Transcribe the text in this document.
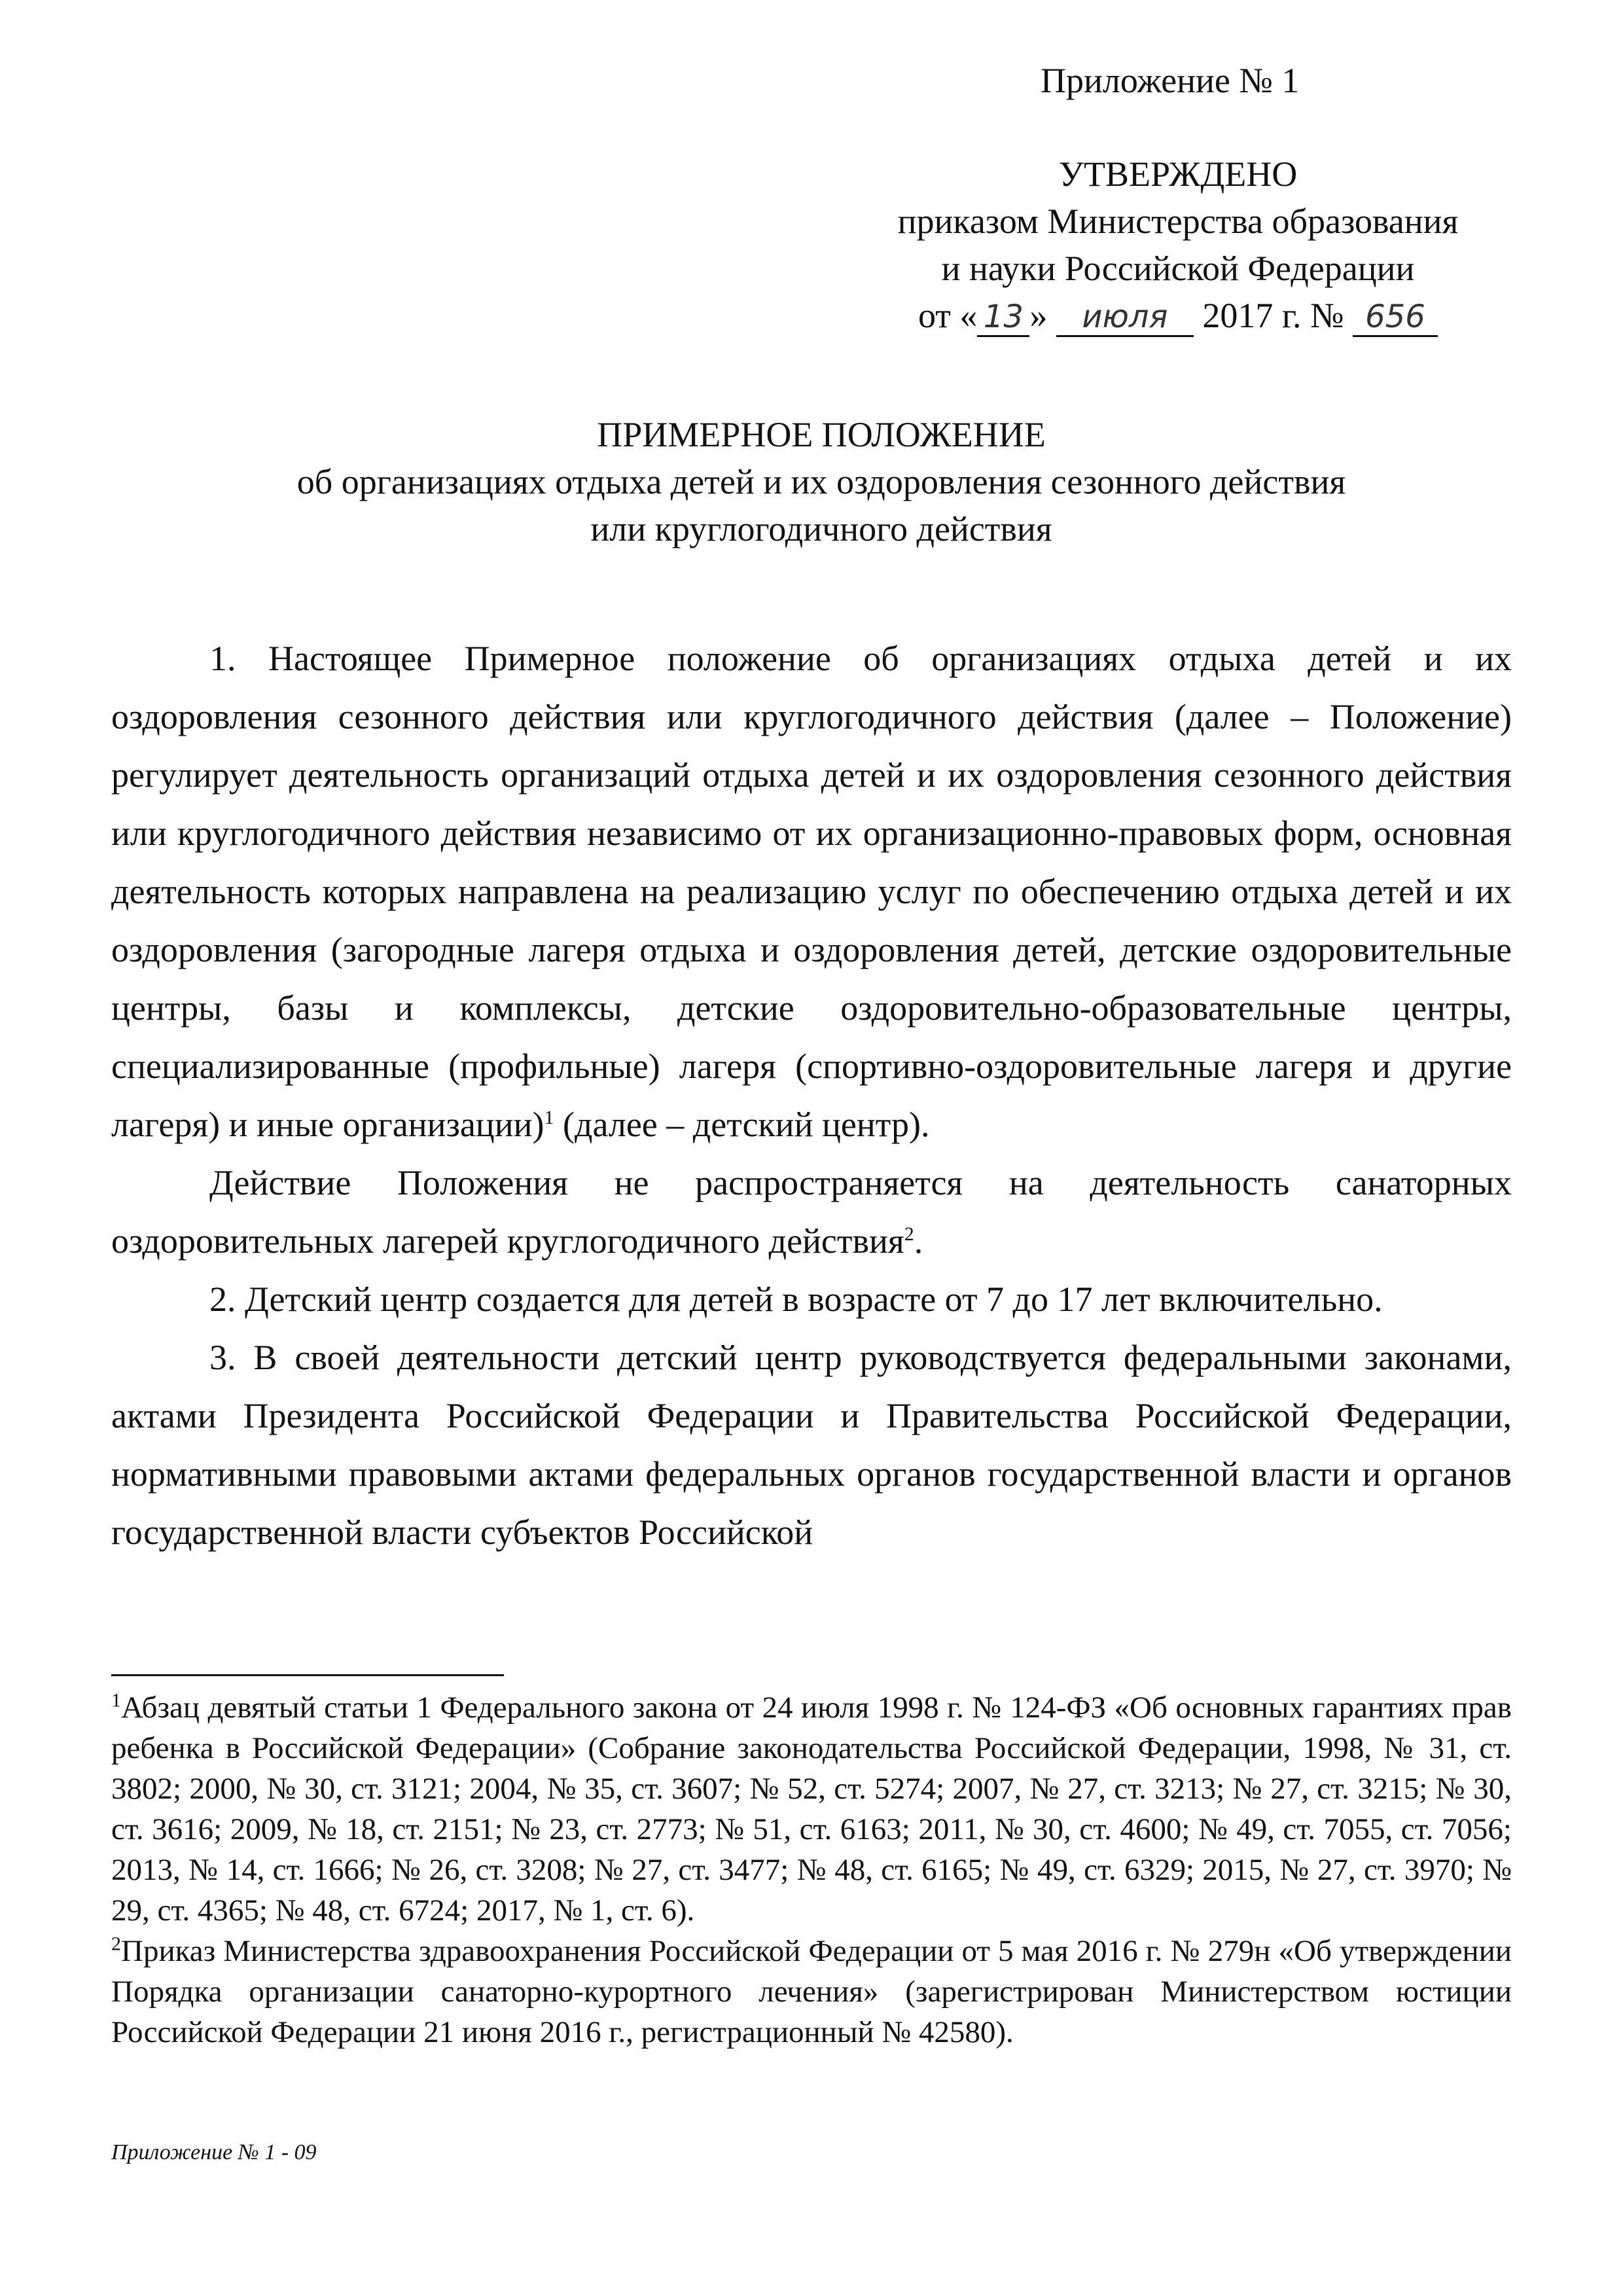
Приложение № 1
УТВЕРЖДЕНО
приказом Министерства образования
и науки Российской Федерации
от « 13 » июля 2017 г. № 656
ПРИМЕРНОЕ ПОЛОЖЕНИЕ
об организациях отдыха детей и их оздоровления сезонного действия
или круглогодичного действия

1. Настоящее Примерное положение об организациях отдыха детей и их оздоровления сезонного действия или круглогодичного действия (далее – Положение) регулирует деятельность организаций отдыха детей и их оздоровления сезонного действия или круглогодичного действия независимо от их организационно-правовых форм, основная деятельность которых направлена на реализацию услуг по обеспечению отдыха детей и их оздоровления (загородные лагеря отдыха и оздоровления детей, детские оздоровительные центры, базы и комплексы, детские оздоровительно-образовательные центры, специализированные (профильные) лагеря (спортивно-оздоровительные лагеря и другие лагеря) и иные организации)$^1$ (далее – детский центр).

Действие Положения не распространяется на деятельность санаторных оздоровительных лагерей круглогодичного действия$^2$.

2. Детский центр создается для детей в возрасте от 7 до 17 лет включительно.

3. В своей деятельности детский центр руководствуется федеральными законами, актами Президента Российской Федерации и Правительства Российской Федерации, нормативными правовыми актами федеральных органов государственной власти и органов государственной власти субъектов Российской

$^1$Абзац девятый статьи 1 Федерального закона от 24 июля 1998 г. № 124-ФЗ «Об основных гарантиях прав ребенка в Российской Федерации» (Собрание законодательства Российской Федерации, 1998, № 31, ст. 3802; 2000, № 30, ст. 3121; 2004, № 35, ст. 3607; № 52, ст. 5274; 2007, № 27, ст. 3213; № 27, ст. 3215; № 30, ст. 3616; 2009, № 18, ст. 2151; № 23, ст. 2773; № 51, ст. 6163; 2011, № 30, ст. 4600; № 49, ст. 7055, ст. 7056; 2013, № 14, ст. 1666; № 26, ст. 3208; № 27, ст. 3477; № 48, ст. 6165; № 49, ст. 6329; 2015, № 27, ст. 3970; № 29, ст. 4365; № 48, ст. 6724; 2017, № 1, ст. 6).

$^2$Приказ Министерства здравоохранения Российской Федерации от 5 мая 2016 г. № 279н «Об утверждении Порядка организации санаторно-курортного лечения» (зарегистрирован Министерством юстиции Российской Федерации 21 июня 2016 г., регистрационный № 42580).

Приложение № 1 - 09
